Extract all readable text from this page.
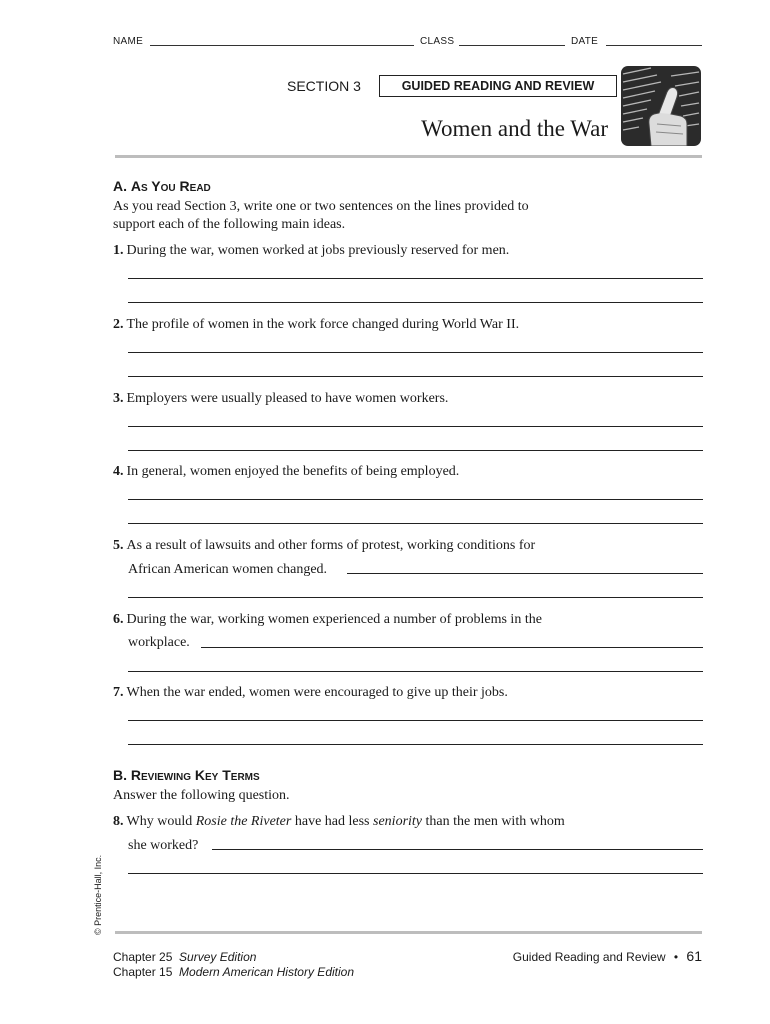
NAME	CLASS	DATE
SECTION 3	GUIDED READING AND REVIEW
Women and the War
A. As You Read
As you read Section 3, write one or two sentences on the lines provided to
support each of the following main ideas.
1. During the war, women worked at jobs previously reserved for men.
2. The profile of women in the work force changed during World War II.
3. Employers were usually pleased to have women workers.
4. In general, women enjoyed the benefits of being employed.
5. As a result of lawsuits and other forms of protest, working conditions for
African American women changed.
6. During the war, working women experienced a number of problems in the
workplace.
7. When the war ended, women were encouraged to give up their jobs.
B. Reviewing Key Terms
Answer the following question.
8. Why would Rosie the Riveter have had less seniority than the men with whom
she worked?
© Prentice-Hall, Inc.
Chapter 25 Survey Edition
Chapter 15 Modern American History Edition
Guided Reading and Review • 61
